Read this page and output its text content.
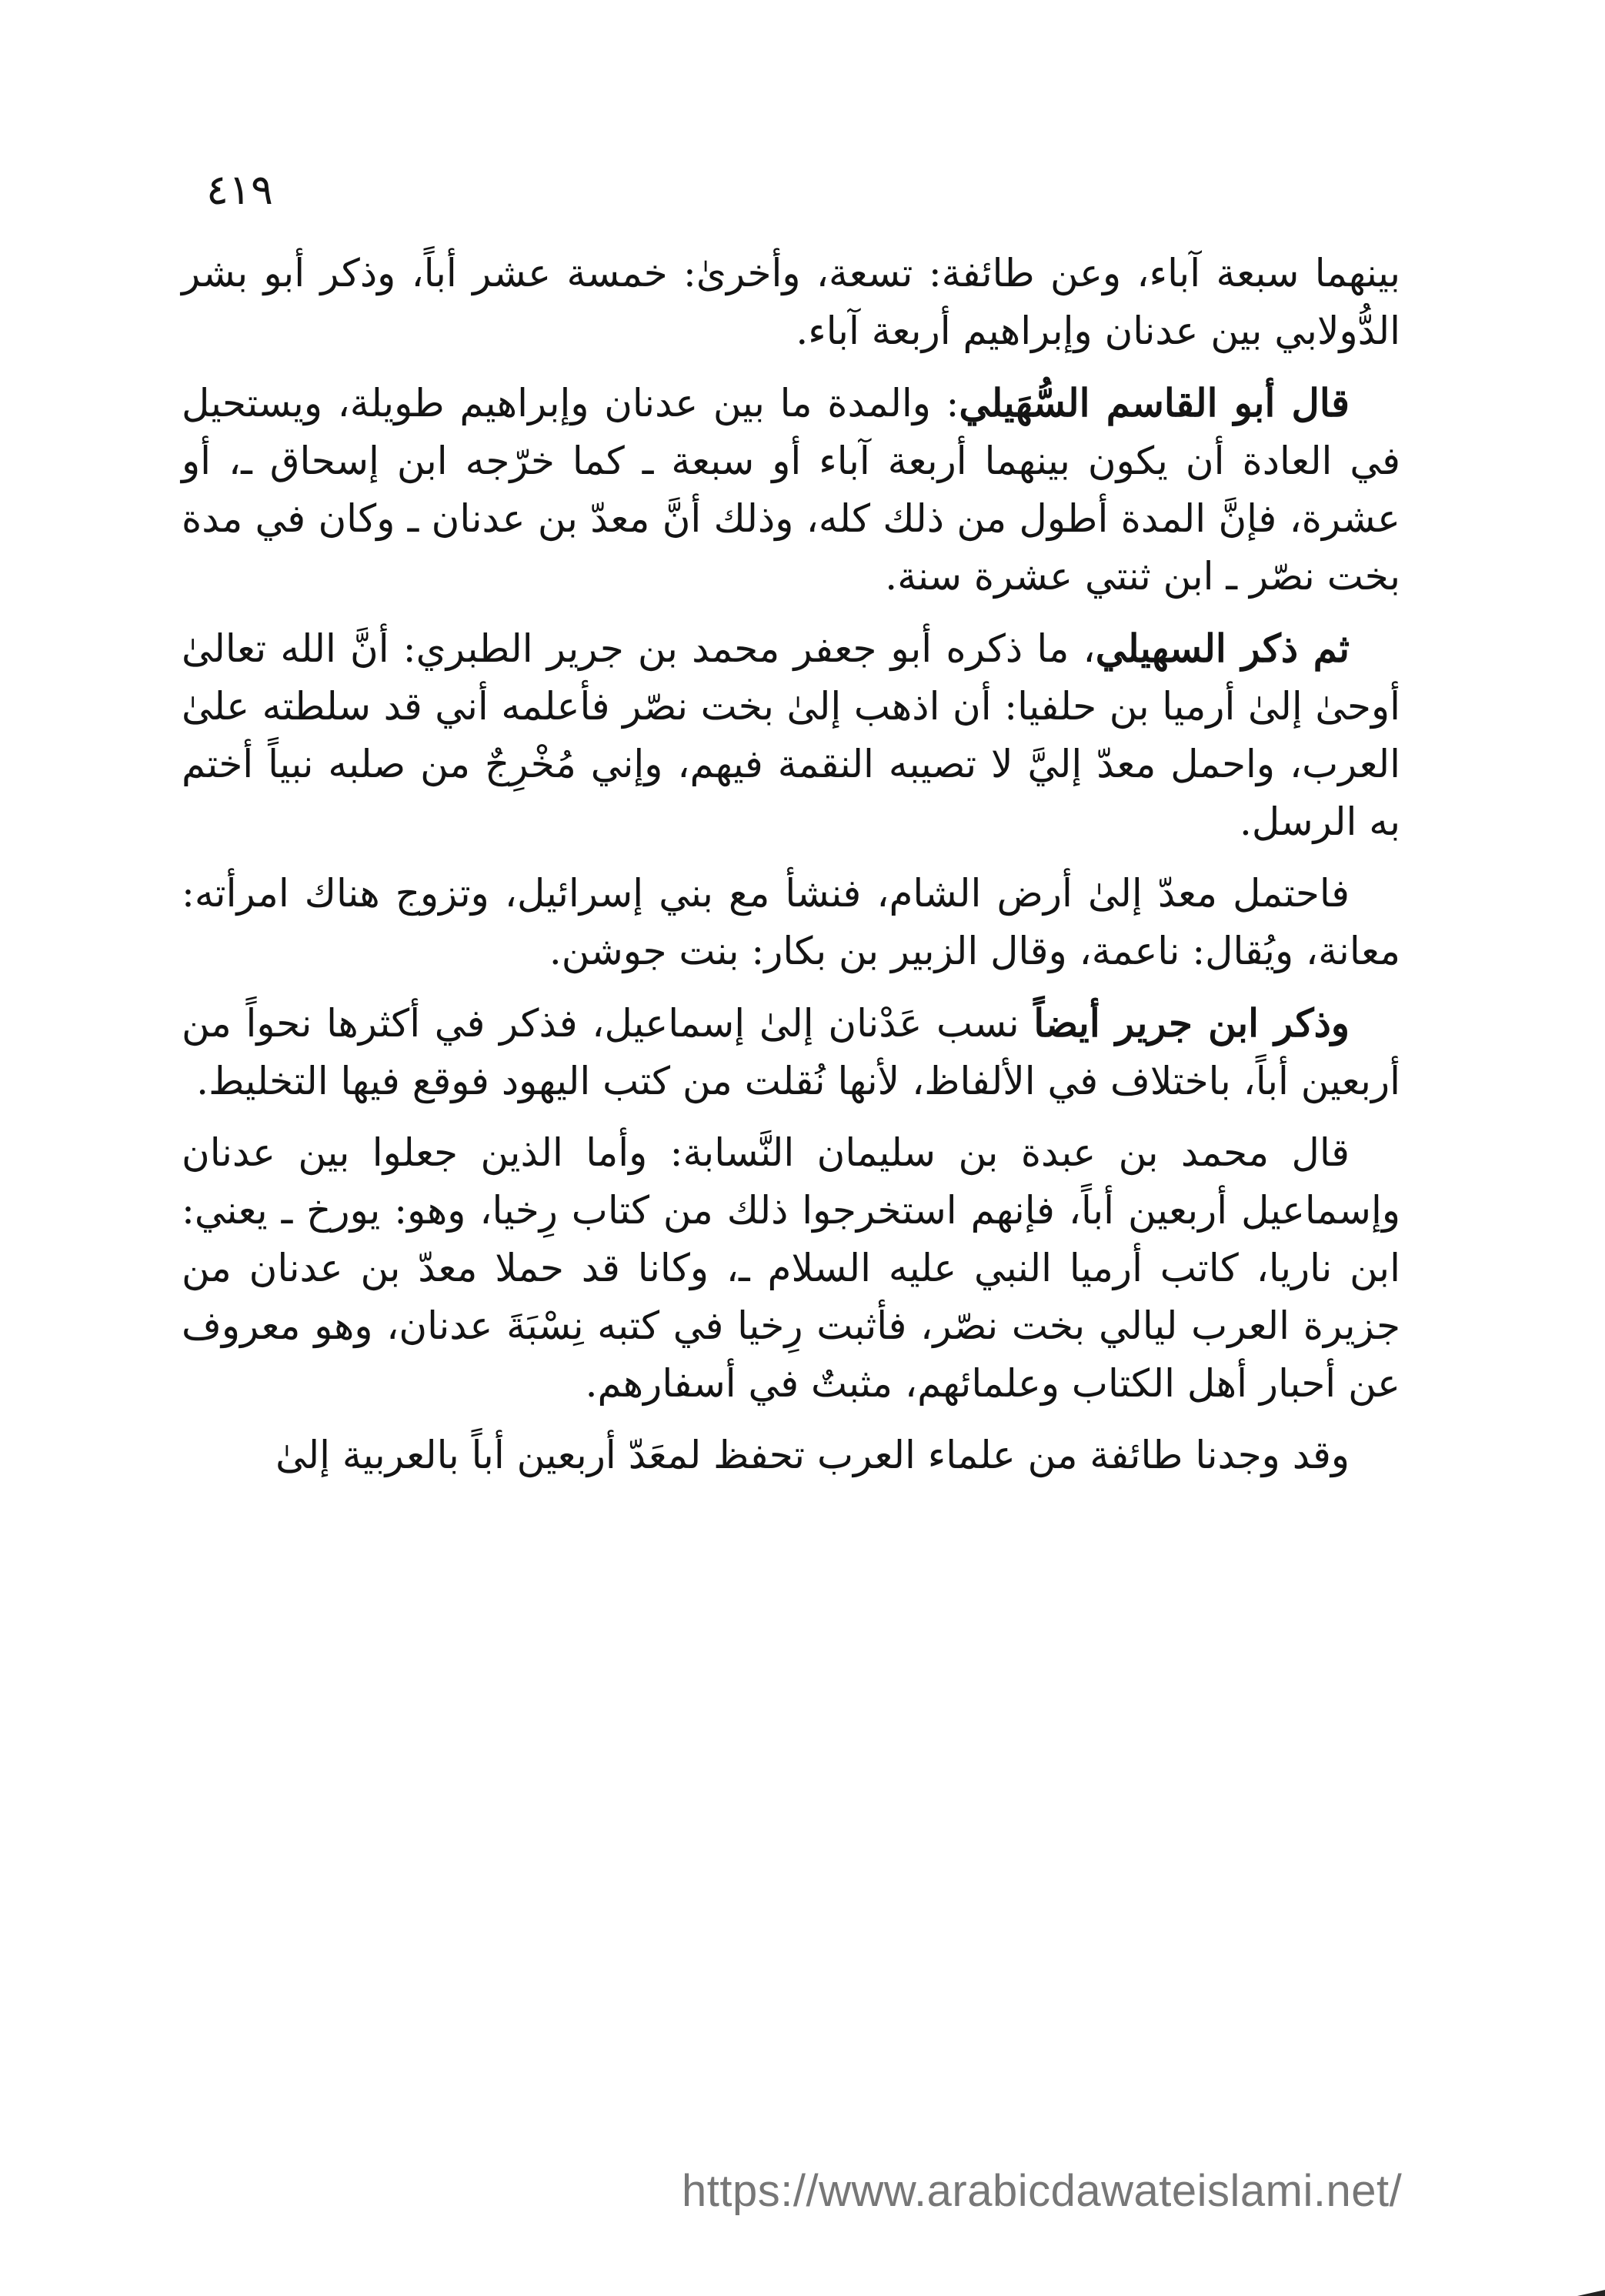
٤١٩

بينهما سبعة آباء، وعن طائفة: تسعة، وأخرىٰ: خمسة عشر أباً، وذكر أبو بشر الدُّولابي بين عدنان وإبراهيم أربعة آباء.

قال أبو القاسم السُّهَيلي: والمدة ما بين عدنان وإبراهيم طويلة، ويستحيل في العادة أن يكون بينهما أربعة آباء أو سبعة ـ كما خرّجه ابن إسحاق ـ، أو عشرة، فإنَّ المدة أطول من ذلك كله، وذلك أنَّ معدّ بن عدنان ـ وكان في مدة بخت نصّر ـ ابن ثنتي عشرة سنة.

ثم ذكر السهيلي، ما ذكره أبو جعفر محمد بن جرير الطبري: أنَّ الله تعالىٰ أوحىٰ إلىٰ أرميا بن حلفيا: أن اذهب إلىٰ بخت نصّر فأعلمه أني قد سلطته علىٰ العرب، واحمل معدّ إليَّ لا تصيبه النقمة فيهم، وإني مُخْرِجٌ من صلبه نبياً أختم به الرسل.

فاحتمل معدّ إلىٰ أرض الشام، فنشأ مع بني إسرائيل، وتزوج هناك امرأته: معانة، ويُقال: ناعمة، وقال الزبير بن بكار: بنت جوشن.

وذكر ابن جرير أيضاً نسب عَدْنان إلىٰ إسماعيل، فذكر في أكثرها نحواً من أربعين أباً، باختلاف في الألفاظ، لأنها نُقلت من كتب اليهود فوقع فيها التخليط.

قال محمد بن عبدة بن سليمان النَّسابة: وأما الذين جعلوا بين عدنان وإسماعيل أربعين أباً، فإنهم استخرجوا ذلك من كتاب رِخيا، وهو: يورخ ـ يعني: ابن ناريا، كاتب أرميا النبي عليه السلام ـ، وكانا قد حملا معدّ بن عدنان من جزيرة العرب ليالي بخت نصّر، فأثبت رِخيا في كتبه نِسْبَةَ عدنان، وهو معروف عن أحبار أهل الكتاب وعلمائهم، مثبتٌ في أسفارهم.

وقد وجدنا طائفة من علماء العرب تحفظ لمعَدّ أربعين أباً بالعربية إلىٰ

https://www.arabicdawateislami.net/
